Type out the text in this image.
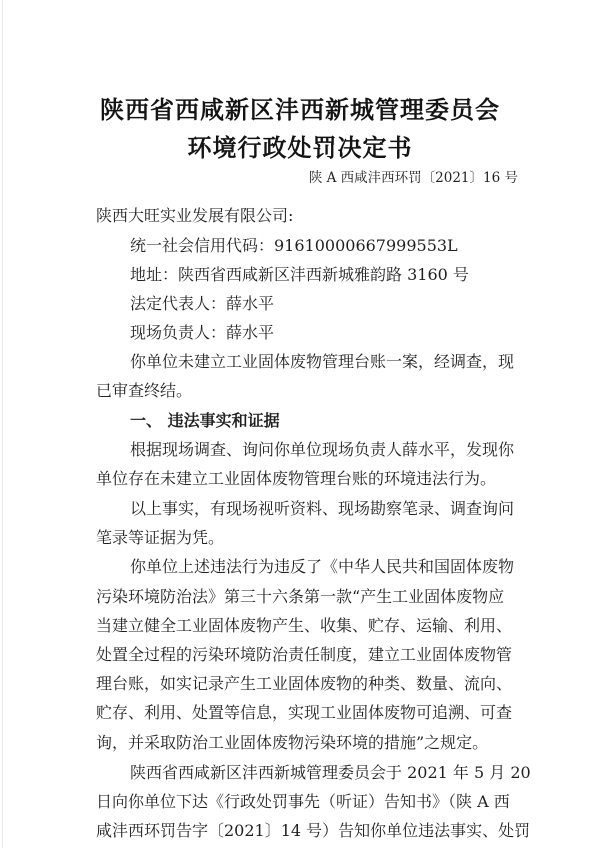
陕西省西咸新区沣西新城管理委员会
环境行政处罚决定书
陕 A 西咸沣西环罚〔2021〕16 号
陕西大旺实业发展有限公司:
统一社会信用代码：91610000667999553L
地址：陕西省西咸新区沣西新城雅韵路 3160 号
法定代表人：薛水平
现场负责人：薛水平
你单位未建立工业固体废物管理台账一案，经调查，现
已审查终结。
一、 违法事实和证据
根据现场调查、询问你单位现场负责人薛水平，发现你
单位存在未建立工业固体废物管理台账的环境违法行为。
以上事实，有现场视听资料、现场勘察笔录、调查询问
笔录等证据为凭。
你单位上述违法行为违反了《中华人民共和国固体废物
污染环境防治法》第三十六条第一款“产生工业固体废物应
当建立健全工业固体废物产生、收集、贮存、运输、利用、
处置全过程的污染环境防治责任制度，建立工业固体废物管
理台账，如实记录产生工业固体废物的种类、数量、流向、
贮存、利用、处置等信息，实现工业固体废物可追溯、可查
询，并采取防治工业固体废物污染环境的措施”之规定。
陕西省西咸新区沣西新城管理委员会于 2021 年 5 月 20
日向你单位下达《行政处罚事先（听证）告知书》（陕 A 西
咸沣西环罚告字〔2021〕14 号）告知你单位违法事实、处罚
